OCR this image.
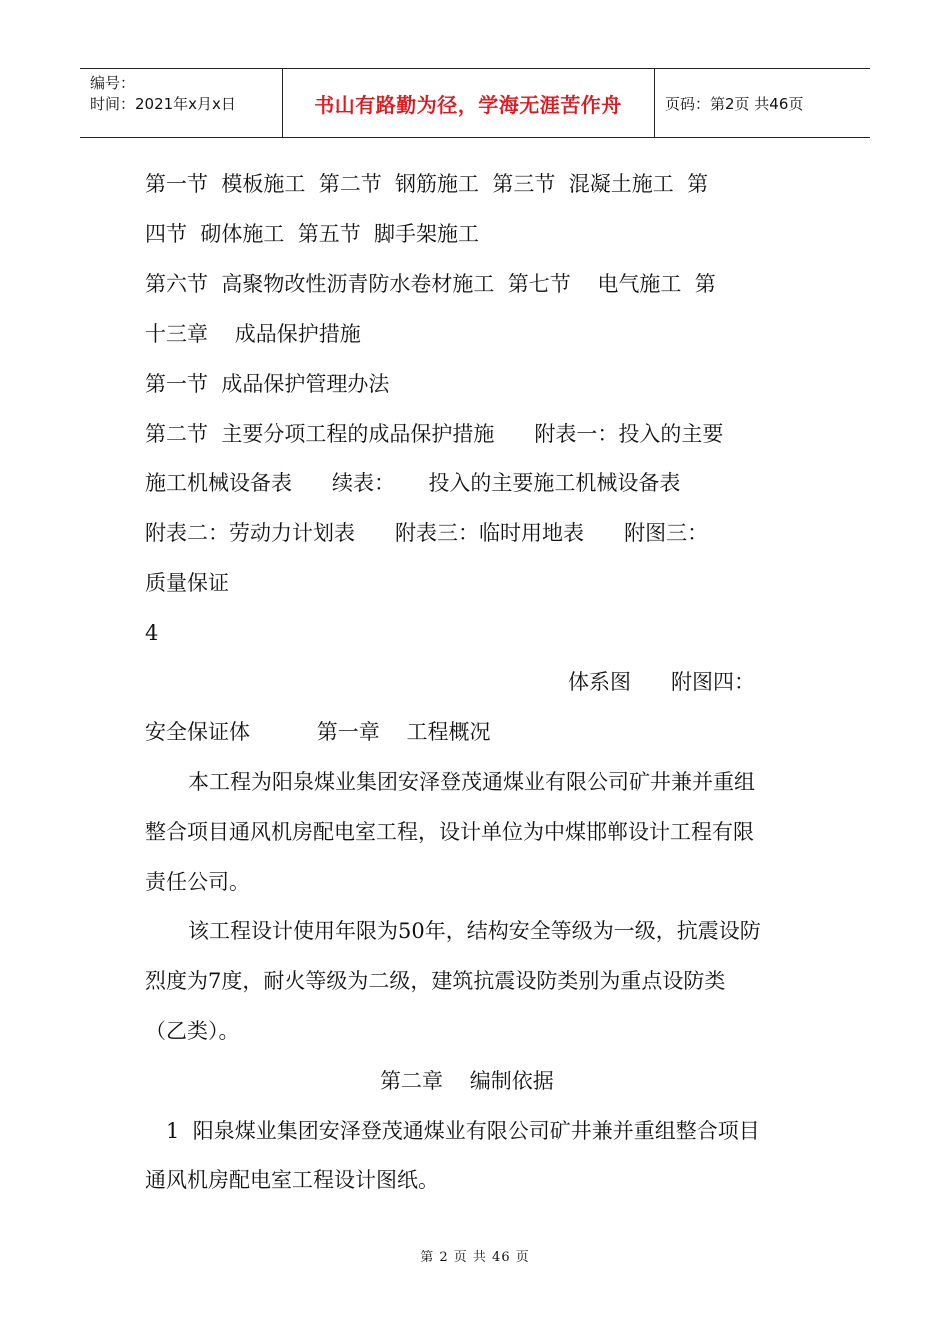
编号：
时间：2021年x月x日	书山有路勤为径，学海无涯苦作舟	页码：第2页 共46页
第一节  模板施工  第二节  钢筋施工  第三节  混凝土施工  第
四节  砌体施工  第五节  脚手架施工
第六节  高聚物改性沥青防水卷材施工  第七节    电气施工  第
十三章    成品保护措施
第一节  成品保护管理办法
第二节  主要分项工程的成品保护措施      附表一：投入的主要
施工机械设备表      续表：     投入的主要施工机械设备表
附表二：劳动力计划表      附表三：临时用地表      附图三：
质量保证
4
体系图      附图四：
安全保证体          第一章    工程概况
本工程为阳泉煤业集团安泽登茂通煤业有限公司矿井兼并重组
整合项目通风机房配电室工程，设计单位为中煤邯郸设计工程有限
责任公司。
该工程设计使用年限为50年，结构安全等级为一级，抗震设防
烈度为7度，耐火等级为二级，建筑抗震设防类别为重点设防类
（乙类）。
第二章    编制依据
1  阳泉煤业集团安泽登茂通煤业有限公司矿井兼并重组整合项目
通风机房配电室工程设计图纸。
第 2 页 共 46 页
